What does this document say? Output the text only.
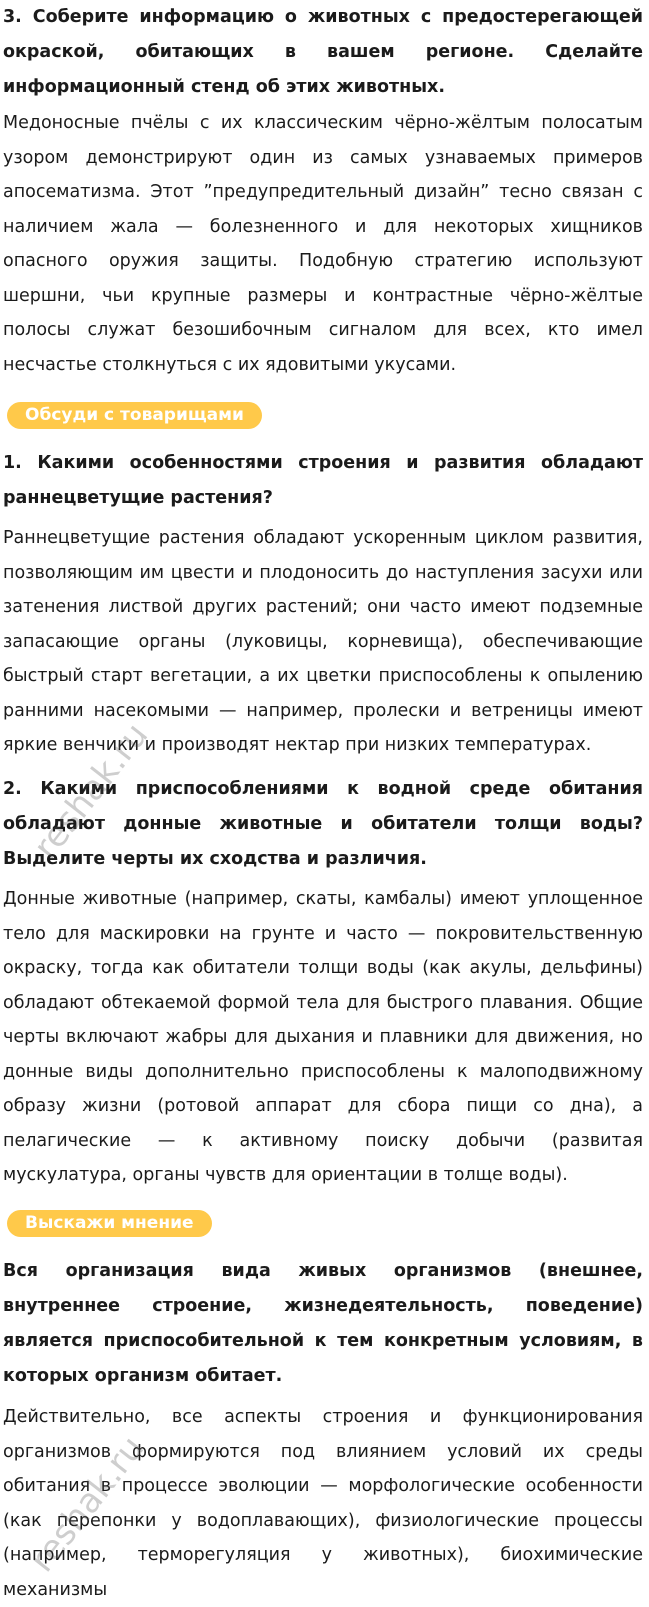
3. Соберите информацию о животных с предостерегающей окраской, обитающих в вашем регионе. Сделайте информационный стенд об этих животных.
Медоносные пчёлы с их классическим чёрно-жёлтым полосатым узором демонстрируют один из самых узнаваемых примеров апосематизма. Этот ”предупредительный дизайн” тесно связан с наличием жала — болезненного и для некоторых хищников опасного оружия защиты. Подобную стратегию используют шершни, чьи крупные размеры и контрастные чёрно-жёлтые полосы служат безошибочным сигналом для всех, кто имел несчастье столкнуться с их ядовитыми укусами.
Обсуди с товарищами
1. Какими особенностями строения и развития обладают раннецветущие растения?
Раннецветущие растения обладают ускоренным циклом развития, позволяющим им цвести и плодоносить до наступления засухи или затенения листвой других растений; они часто имеют подземные запасающие органы (луковицы, корневища), обеспечивающие быстрый старт вегетации, а их цветки приспособлены к опылению ранними насекомыми — например, пролески и ветреницы имеют яркие венчики и производят нектар при низких температурах.
2. Какими приспособлениями к водной среде обитания обладают донные животные и обитатели толщи воды? Выделите черты их сходства и различия.
Донные животные (например, скаты, камбалы) имеют уплощенное тело для маскировки на грунте и часто — покровительственную окраску, тогда как обитатели толщи воды (как акулы, дельфины) обладают обтекаемой формой тела для быстрого плавания. Общие черты включают жабры для дыхания и плавники для движения, но донные виды дополнительно приспособлены к малоподвижному образу жизни (ротовой аппарат для сбора пищи со дна), а пелагические — к активному поиску добычи (развитая мускулатура, органы чувств для ориентации в толще воды).
Выскажи мнение
Вся организация вида живых организмов (внешнее, внутреннее строение, жизнедеятельность, поведение) является приспособительной к тем конкретным условиям, в которых организм обитает.
Действительно, все аспекты строения и функционирования организмов формируются под влиянием условий их среды обитания в процессе эволюции — морфологические особенности (как перепонки у водоплавающих), физиологические процессы (например, терморегуляция у животных), биохимические механизмы
reshak.ru
reshak.ru
